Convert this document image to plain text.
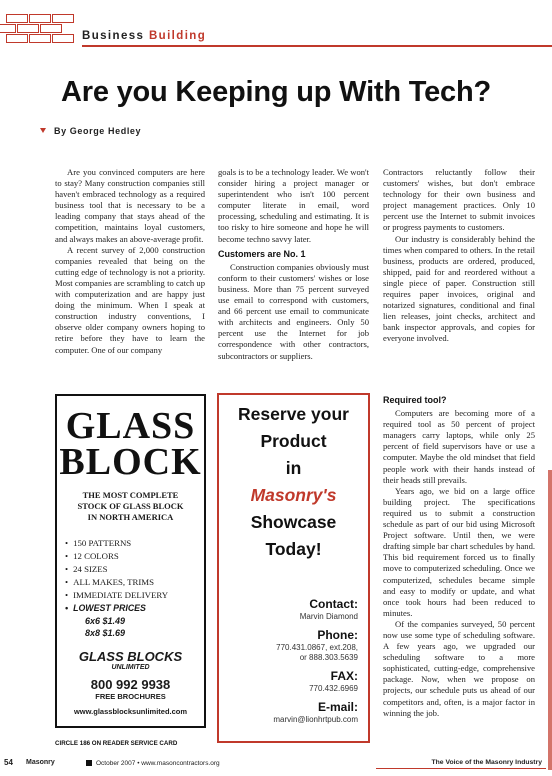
Business Building
Are you Keeping up With Tech?
By George Hedley

Are you convinced computers are here to stay? Many construction companies still haven't embraced technology as a required business tool that is necessary to be a leading company that stays ahead of the competition, maintains loyal customers, and always makes an above-average profit.

A recent survey of 2,000 construction companies revealed that being on the cutting edge of technology is not a priority. Most companies are scrambling to catch up with computerization and are happy just doing the minimum. When I speak at construction industry conventions, I observe older company owners hoping to retire before they have to learn the computer. One of our company

goals is to be a technology leader. We won't consider hiring a project manager or superintendent who isn't 100 percent computer literate in email, word processing, scheduling and estimating. It is too risky to hire someone and hope he will become techno savvy later.

Customers are No. 1

Construction companies obviously must conform to their customers' wishes or lose business. More than 75 percent surveyed use email to correspond with customers, and 66 percent use email to communicate with architects and engineers. Only 50 percent use the Internet for job correspondence with other contractors, subcontractors or suppliers.

Contractors reluctantly follow their customers' wishes, but don't embrace technology for their own business and project management practices. Only 10 percent use the Internet to submit invoices or progress payments to customers.

Our industry is considerably behind the times when compared to others. In the retail business, products are ordered, produced, shipped, paid for and reordered without a single piece of paper. Construction still requires paper invoices, original and notarized signatures, conditional and final lien releases, joint checks, architect and bank inspector approvals, and copies for everyone involved.

Required tool?

Computers are becoming more of a required tool as 50 percent of project managers carry laptops, while only 25 percent of field supervisors have or use a computer. Maybe the old mindset that field people work with their hands instead of their heads still prevails.

Years ago, we bid on a large office building project. The specifications required us to submit a construction schedule as part of our bid using Microsoft Project software. Until then, we were drafting simple bar chart schedules by hand. This bid requirement forced us to finally move to computerized scheduling. Once we computerized, schedules became simple and easy to modify or update, and what once took hours had been reduced to minutes.

Of the companies surveyed, 50 percent now use some type of scheduling software. A few years ago, we upgraded our scheduling software to a more sophisticated, cutting-edge, comprehensive package. Now, when we propose on projects, our schedule puts us ahead of our competitors and, often, is a major factor in winning the job.

GLASS
BLOCK
THE MOST COMPLETE
STOCK OF GLASS BLOCK
IN NORTH AMERICA
• 150 PATTERNS
• 12 COLORS
• 24 SIZES
• ALL MAKES, TRIMS
• IMMEDIATE DELIVERY
• LOWEST PRICES
6x6 $1.49
8x8 $1.69
GLASS BLOCKS
UNLIMITED
800 992 9938
FREE BROCHURES
www.glassblocksunlimited.com
CIRCLE 186 ON READER SERVICE CARD
Reserve your
Product
in
Masonry's
Showcase
Today!
Contact:
Marvin Diamond
Phone:
770.431.0867, ext.208,
or 888.303.5639
FAX:
770.432.6969
E-mail:
marvin@lionhrtpub.com
54 Masonry	October 2007 • www.masoncontractors.org	The Voice of the Masonry Industry
